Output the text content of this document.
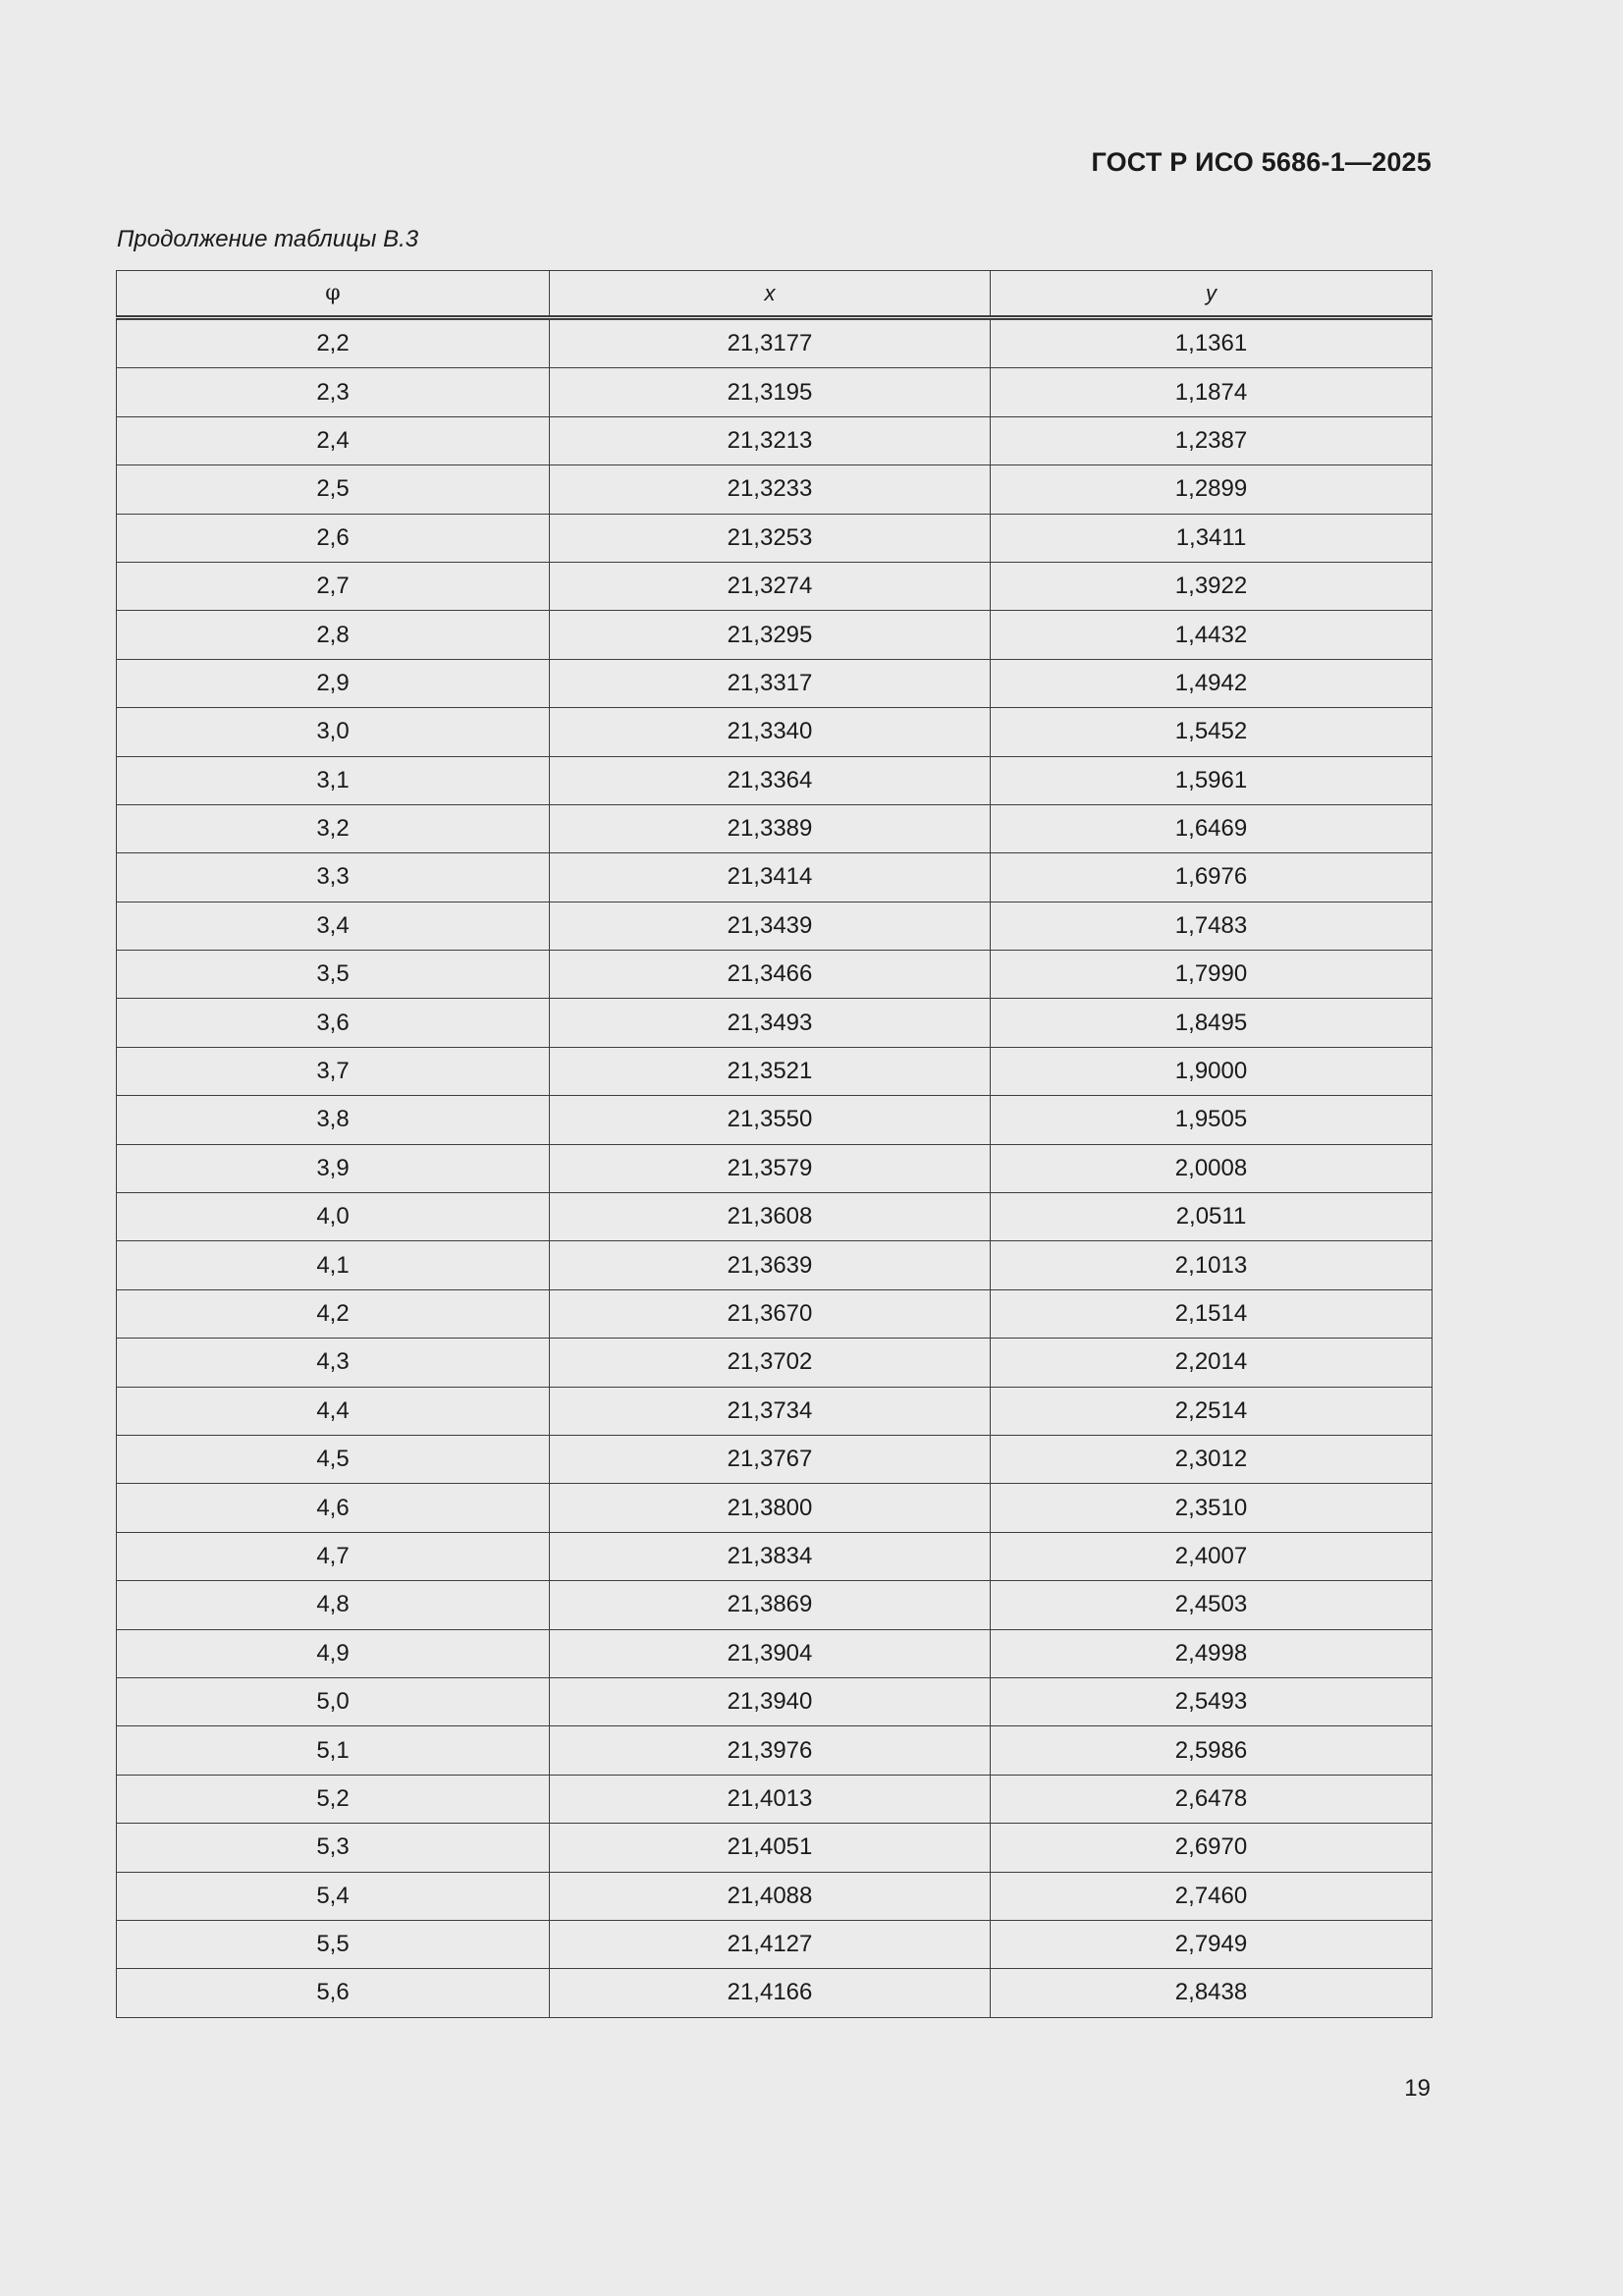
ГОСТ Р ИСО 5686-1—2025
Продолжение таблицы В.3
φ	x	y
2,2	21,3177	1,1361
2,3	21,3195	1,1874
2,4	21,3213	1,2387
2,5	21,3233	1,2899
2,6	21,3253	1,3411
2,7	21,3274	1,3922
2,8	21,3295	1,4432
2,9	21,3317	1,4942
3,0	21,3340	1,5452
3,1	21,3364	1,5961
3,2	21,3389	1,6469
3,3	21,3414	1,6976
3,4	21,3439	1,7483
3,5	21,3466	1,7990
3,6	21,3493	1,8495
3,7	21,3521	1,9000
3,8	21,3550	1,9505
3,9	21,3579	2,0008
4,0	21,3608	2,0511
4,1	21,3639	2,1013
4,2	21,3670	2,1514
4,3	21,3702	2,2014
4,4	21,3734	2,2514
4,5	21,3767	2,3012
4,6	21,3800	2,3510
4,7	21,3834	2,4007
4,8	21,3869	2,4503
4,9	21,3904	2,4998
5,0	21,3940	2,5493
5,1	21,3976	2,5986
5,2	21,4013	2,6478
5,3	21,4051	2,6970
5,4	21,4088	2,7460
5,5	21,4127	2,7949
5,6	21,4166	2,8438
19
